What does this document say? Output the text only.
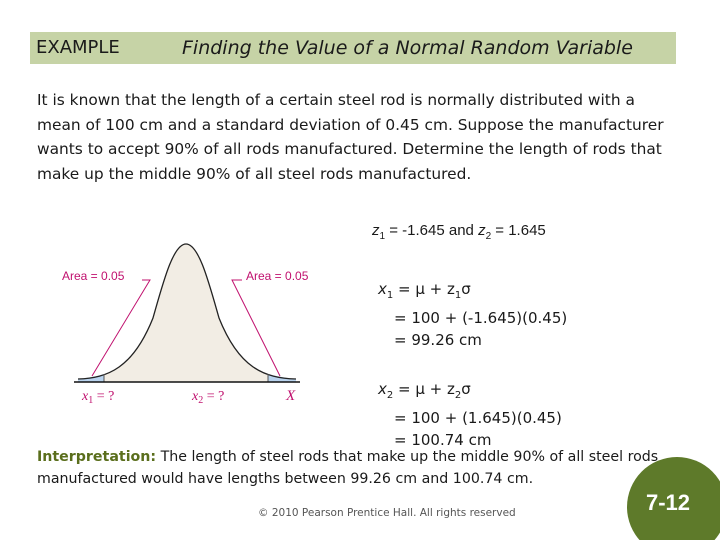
EXAMPLE	Finding the Value of a Normal Random Variable
It is known that the length of a certain steel rod is normally distributed with a mean of 100 cm and a standard deviation of 0.45 cm. Suppose the manufacturer wants to accept 90% of all rods manufactured. Determine the length of rods that make up the middle 90% of all steel rods manufactured.
$z_1 = -1.645$ and $z_2 = 1.645$
Area = 0.05	Area = 0.05
$x_1$ = ?	$x_2$ = ?	X
$x_1 = \mu + z_1\sigma$
= 100 + (-1.645)(0.45)
= 99.26 cm
$x_2 = \mu + z_2\sigma$
= 100 + (1.645)(0.45)
= 100.74 cm
7-12
Interpretation: The length of steel rods that make up the middle 90% of all steel rods manufactured would have lengths between 99.26 cm and 100.74 cm.
© 2010 Pearson Prentice Hall. All rights reserved
